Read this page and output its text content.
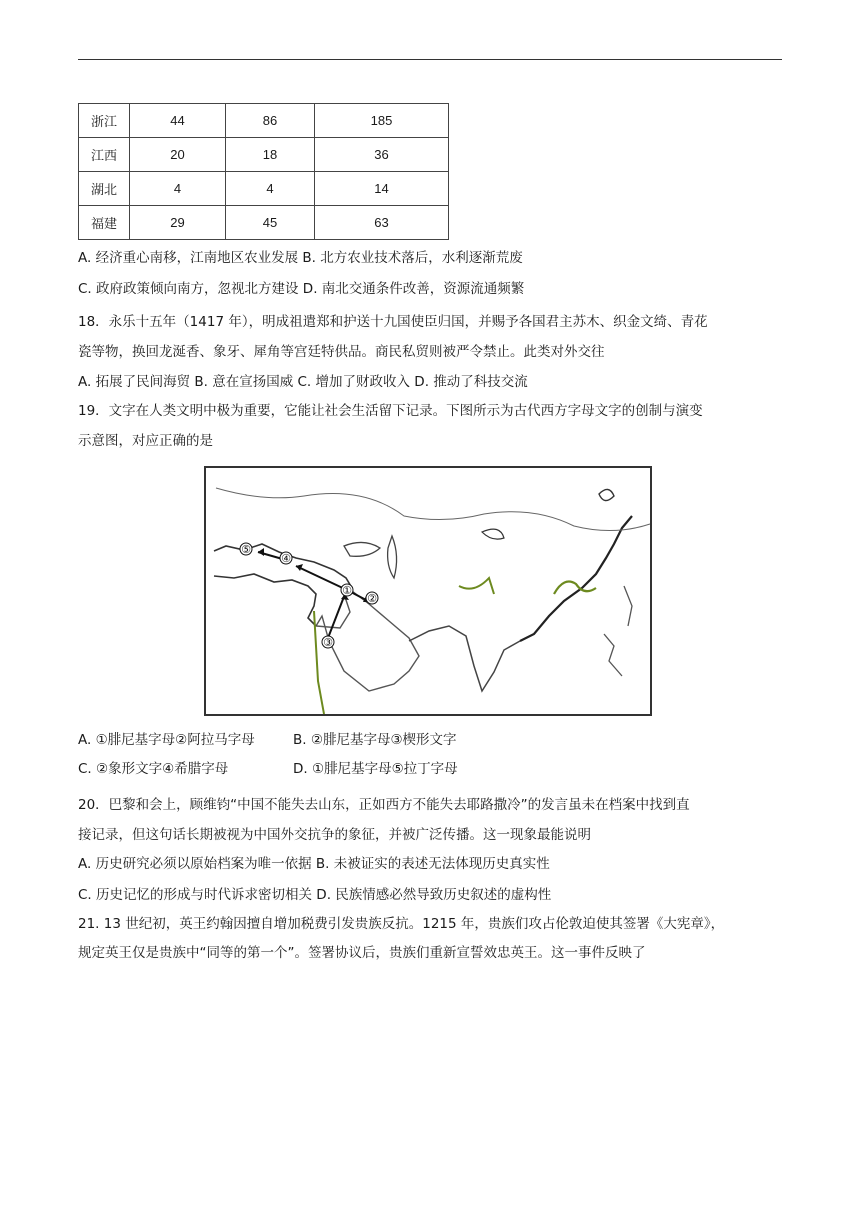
浙江	44	86	185
江西	20	18	36
湖北	4	4	14
福建	29	45	63
A. 经济重心南移，江南地区农业发展 B. 北方农业技术落后，水利逐渐荒废
C. 政府政策倾向南方，忽视北方建设 D. 南北交通条件改善，资源流通频繁
18．永乐十五年（1417 年），明成祖遣郑和护送十九国使臣归国，并赐予各国君主苏木、织金文绮、青花
瓷等物，换回龙涎香、象牙、犀角等宫廷特供品。商民私贸则被严令禁止。此类对外交往
A. 拓展了民间海贸 B. 意在宣扬国威 C. 增加了财政收入 D. 推动了科技交流
19．文字在人类文明中极为重要，它能让社会生活留下记录。下图所示为古代西方字母文字的创制与演变
示意图，对应正确的是
①
②
③
④
⑤
A. ①腓尼基字母②阿拉马字母	B. ②腓尼基字母③楔形文字
C. ②象形文字④希腊字母	D. ①腓尼基字母⑤拉丁字母
20．巴黎和会上，顾维钧“中国不能失去山东，正如西方不能失去耶路撒冷”的发言虽未在档案中找到直
接记录，但这句话长期被视为中国外交抗争的象征，并被广泛传播。这一现象最能说明
A. 历史研究必须以原始档案为唯一依据 B. 未被证实的表述无法体现历史真实性
C. 历史记忆的形成与时代诉求密切相关 D. 民族情感必然导致历史叙述的虚构性
21. 13 世纪初，英王约翰因擅自增加税费引发贵族反抗。1215 年，贵族们攻占伦敦迫使其签署《大宪章》，
规定英王仅是贵族中“同等的第一个”。签署协议后，贵族们重新宣誓效忠英王。这一事件反映了
